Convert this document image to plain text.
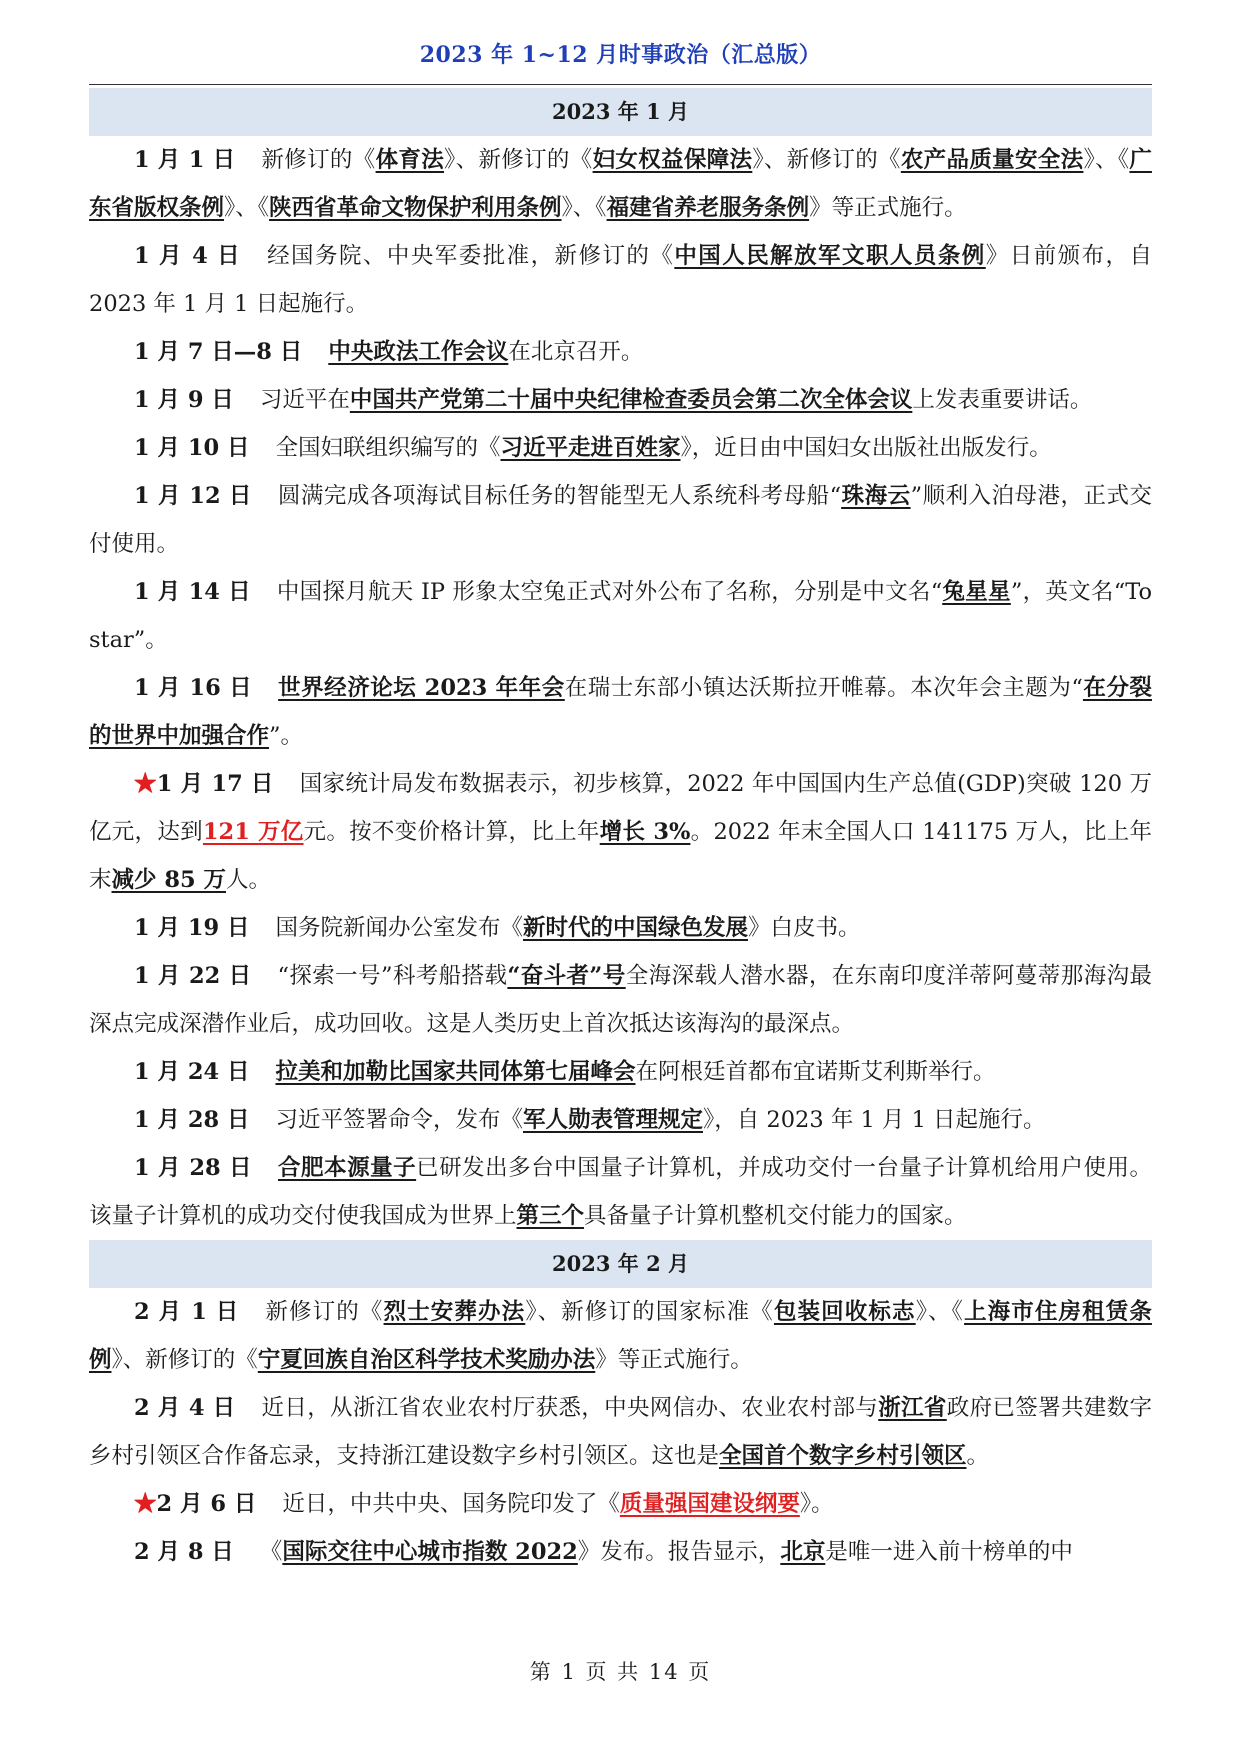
2023 年 1~12 月时事政治（汇总版）
2023 年 1 月

1 月 1 日 新修订的《体育法》、新修订的《妇女权益保障法》、新修订的《农产品质量安全法》、《广东省版权条例》、《陕西省革命文物保护利用条例》、《福建省养老服务条例》等正式施行。

1 月 4 日 经国务院、中央军委批准，新修订的《中国人民解放军文职人员条例》日前颁布，自 2023 年 1 月 1 日起施行。

1 月 7 日—8 日 中央政法工作会议在北京召开。

1 月 9 日 习近平在中国共产党第二十届中央纪律检查委员会第二次全体会议上发表重要讲话。

1 月 10 日 全国妇联组织编写的《习近平走进百姓家》，近日由中国妇女出版社出版发行。

1 月 12 日 圆满完成各项海试目标任务的智能型无人系统科考母船“珠海云”顺利入泊母港，正式交付使用。

1 月 14 日 中国探月航天 IP 形象太空兔正式对外公布了名称，分别是中文名“兔星星”，英文名“To　star”。

1 月 16 日 世界经济论坛 2023 年年会在瑞士东部小镇达沃斯拉开帷幕。本次年会主题为“在分裂的世界中加强合作”。

★1 月 17 日 国家统计局发布数据表示，初步核算，2022 年中国国内生产总值(GDP)突破 120 万亿元，达到121 万亿元。按不变价格计算，比上年增长 3%。2022 年末全国人口 141175 万人，比上年末减少 85 万人。

1 月 19 日 国务院新闻办公室发布《新时代的中国绿色发展》白皮书。

1 月 22 日 “探索一号”科考船搭载“奋斗者”号全海深载人潜水器，在东南印度洋蒂阿蔓蒂那海沟最深点完成深潜作业后，成功回收。这是人类历史上首次抵达该海沟的最深点。

1 月 24 日 拉美和加勒比国家共同体第七届峰会在阿根廷首都布宜诺斯艾利斯举行。

1 月 28 日 习近平签署命令，发布《军人勋表管理规定》，自 2023 年 1 月 1 日起施行。

1 月 28 日 合肥本源量子已研发出多台中国量子计算机，并成功交付一台量子计算机给用户使用。该量子计算机的成功交付使我国成为世界上第三个具备量子计算机整机交付能力的国家。

2023 年 2 月

2 月 1 日 新修订的《烈士安葬办法》、新修订的国家标准《包装回收标志》、《上海市住房租赁条例》、新修订的《宁夏回族自治区科学技术奖励办法》等正式施行。

2 月 4 日 近日，从浙江省农业农村厅获悉，中央网信办、农业农村部与浙江省政府已签署共建数字乡村引领区合作备忘录，支持浙江建设数字乡村引领区。这也是全国首个数字乡村引领区。

★2 月 6 日 近日，中共中央、国务院印发了《质量强国建设纲要》。

2 月 8 日 《国际交往中心城市指数 2022》发布。报告显示，北京是唯一进入前十榜单的中

第 1 页 共 14 页
